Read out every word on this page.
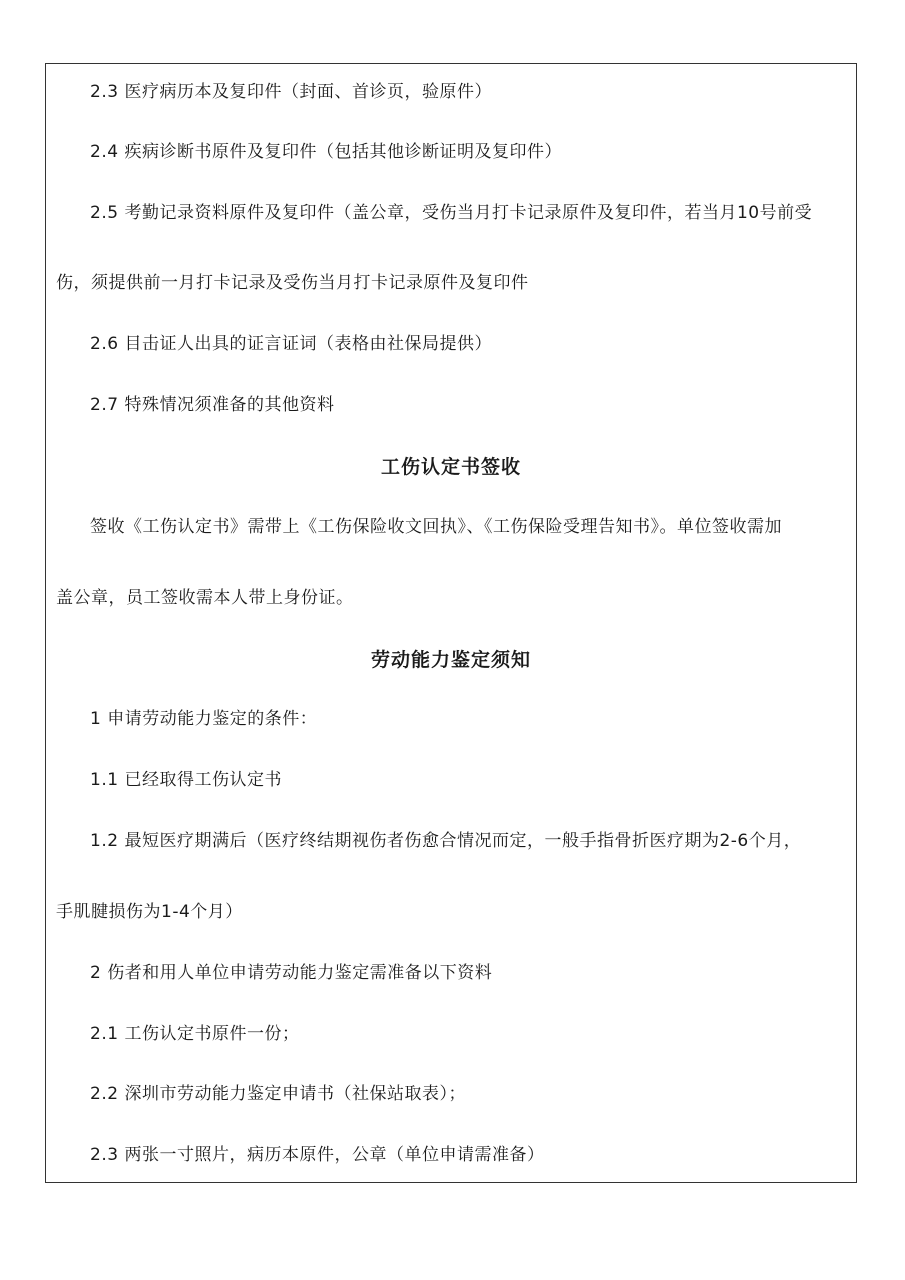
2.3 医疗病历本及复印件（封面、首诊页，验原件）
2.4 疾病诊断书原件及复印件（包括其他诊断证明及复印件）
2.5 考勤记录资料原件及复印件（盖公章，受伤当月打卡记录原件及复印件，若当月10号前受
伤，须提供前一月打卡记录及受伤当月打卡记录原件及复印件
2.6 目击证人出具的证言证词（表格由社保局提供）
2.7 特殊情况须准备的其他资料
工伤认定书签收
签收《工伤认定书》需带上《工伤保险收文回执》、《工伤保险受理告知书》。单位签收需加
盖公章，员工签收需本人带上身份证。
劳动能力鉴定须知
1 申请劳动能力鉴定的条件：
1.1 已经取得工伤认定书
1.2 最短医疗期满后（医疗终结期视伤者伤愈合情况而定，一般手指骨折医疗期为2-6个月，
手肌腱损伤为1-4个月）
2 伤者和用人单位申请劳动能力鉴定需准备以下资料
2.1 工伤认定书原件一份；
2.2 深圳市劳动能力鉴定申请书（社保站取表）；
2.3 两张一寸照片，病历本原件，公章（单位申请需准备）
